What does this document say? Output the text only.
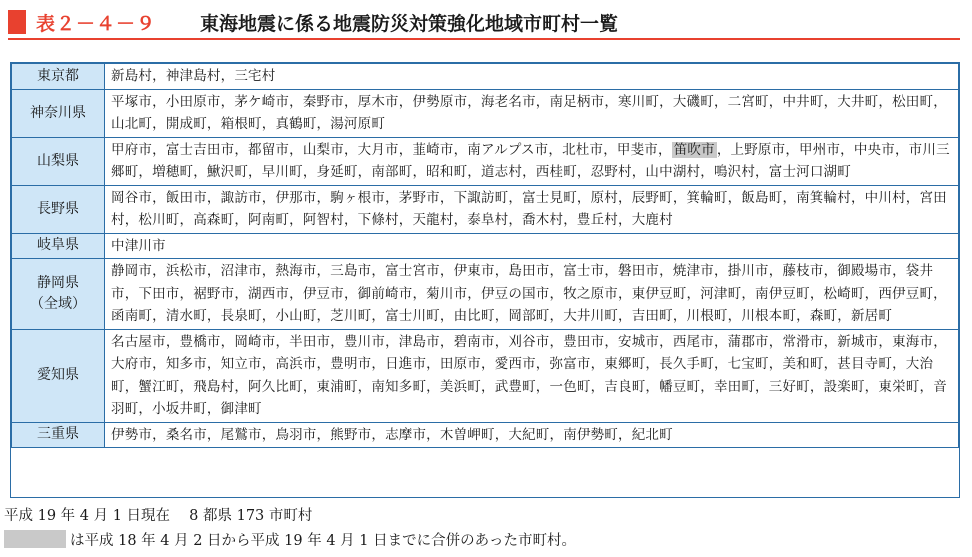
表２－４－９ 東海地震に係る地震防災対策強化地域市町村一覧
東京都	新島村，神津島村，三宅村
神奈川県	平塚市，小田原市，茅ケ崎市，秦野市，厚木市，伊勢原市，海老名市，南足柄市，寒川町，大磯町，二宮町，中井町，大井町，松田町，山北町，開成町，箱根町，真鶴町，湯河原町
山梨県	甲府市，富士吉田市，都留市，山梨市，大月市，韮崎市，南アルプス市，北杜市，甲斐市， 笛吹市 ，上野原市，甲州市，中央市，市川三郷町，増穂町，鰍沢町，早川町，身延町，南部町，昭和町，道志村，西桂町，忍野村，山中湖村，鳴沢村，富士河口湖町
長野県	岡谷市，飯田市，諏訪市，伊那市，駒ヶ根市，茅野市，下諏訪町，富士見町，原村，辰野町，箕輪町，飯島町，南箕輪村，中川村，宮田村，松川町，高森町，阿南町，阿智村，下條村，天龍村，泰阜村，喬木村，豊丘村，大鹿村
岐阜県	中津川市
静岡県
（全域）	静岡市，浜松市，沼津市，熱海市，三島市，富士宮市，伊東市，島田市，富士市，磐田市，焼津市，掛川市，藤枝市，御殿場市，袋井市，下田市，裾野市，湖西市，伊豆市，御前崎市，菊川市，伊豆の国市，牧之原市，東伊豆町，河津町，南伊豆町，松崎町，西伊豆町，函南町，清水町，長泉町，小山町，芝川町，富士川町，由比町，岡部町，大井川町，吉田町，川根町，川根本町，森町，新居町
愛知県	名古屋市，豊橋市，岡崎市，半田市，豊川市，津島市，碧南市，刈谷市，豊田市，安城市，西尾市，蒲郡市，常滑市，新城市，東海市，大府市，知多市，知立市，高浜市，豊明市，日進市，田原市，愛西市，弥富市，東郷町，長久手町，七宝町，美和町，甚目寺町，大治町，蟹江町，飛島村，阿久比町，東浦町，南知多町，美浜町，武豊町，一色町，吉良町，幡豆町，幸田町，三好町，設楽町，東栄町，音羽町，小坂井町，御津町
三重県	伊勢市，桑名市，尾鷲市，鳥羽市，熊野市，志摩市，木曽岬町，大紀町，南伊勢町，紀北町
平成 19 年 4 月 1 日現在　 8 都県 173 市町村
は平成 18 年 4 月 2 日から平成 19 年 4 月 1 日までに合併のあった市町村。
